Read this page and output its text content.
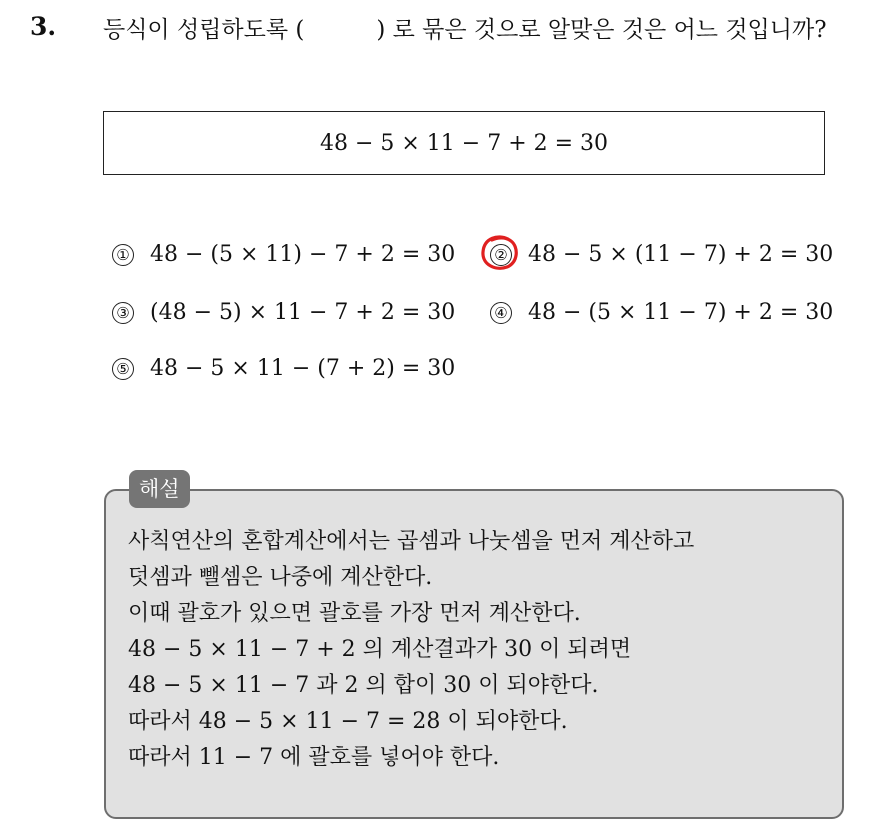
3. 등식이 성립하도록 (	) 로 묶은 것으로 알맞은 것은 어느 것입니까?
48 − 5 × 11 − 7 + 2 = 30
① 48 − (5 × 11) − 7 + 2 = 30	② 48 − 5 × (11 − 7) + 2 = 30
③ (48 − 5) × 11 − 7 + 2 = 30	④ 48 − (5 × 11 − 7) + 2 = 30
⑤ 48 − 5 × 11 − (7 + 2) = 30
해설
사칙연산의 혼합계산에서는 곱셈과 나눗셈을 먼저 계산하고
덧셈과 뺄셈은 나중에 계산한다.
이때 괄호가 있으면 괄호를 가장 먼저 계산한다.
48 − 5 × 11 − 7 + 2 의 계산결과가 30 이 되려면
48 − 5 × 11 − 7 과 2 의 합이 30 이 되야한다.
따라서 48 − 5 × 11 − 7 = 28 이 되야한다.
따라서 11 − 7 에 괄호를 넣어야 한다.
